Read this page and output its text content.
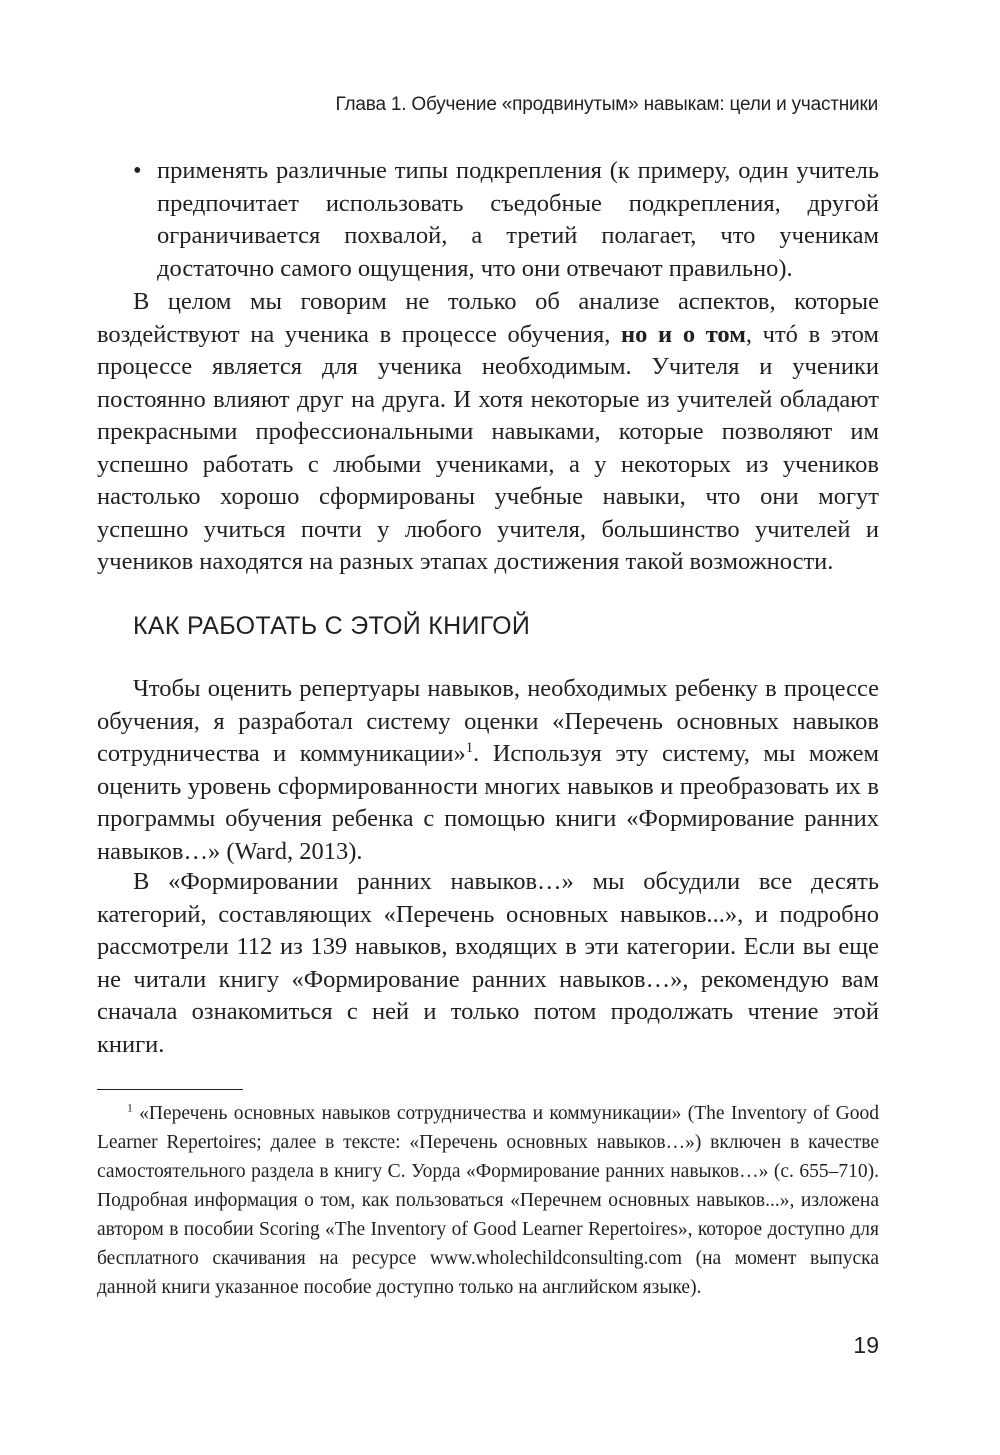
Глава 1. Обучение «продвинутым» навыкам: цели и участники
• применять различные типы подкрепления (к примеру, один учитель предпочитает использовать съедобные подкрепления, другой ограничивается похвалой, а третий полагает, что ученикам достаточно самого ощущения, что они отвечают правильно).

В целом мы говорим не только об анализе аспектов, которые воздействуют на ученика в процессе обучения, но и о том, чтó в этом процессе является для ученика необходимым. Учителя и ученики постоянно влияют друг на друга. И хотя некоторые из учителей обладают прекрасными профессиональными навыками, которые позволяют им успешно работать с любыми учениками, а у некоторых из учеников настолько хорошо сформированы учебные навыки, что они могут успешно учиться почти у любого учителя, большинство учителей и учеников находятся на разных этапах достижения такой возможности.

КАК РАБОТАТЬ С ЭТОЙ КНИГОЙ

Чтобы оценить репертуары навыков, необходимых ребенку в процессе обучения, я разработал систему оценки «Перечень основных навыков сотрудничества и коммуникации»$^1$. Используя эту систему, мы можем оценить уровень сформированности многих навыков и преобразовать их в программы обучения ребенка с помощью книги «Формирование ранних навыков…» (Ward, 2013).

В «Формировании ранних навыков…» мы обсудили все десять категорий, составляющих «Перечень основных навыков...», и подробно рассмотрели 112 из 139 навыков, входящих в эти категории. Если вы еще не читали книгу «Формирование ранних навыков…», рекомендую вам сначала ознакомиться с ней и только потом продолжать чтение этой книги.

$^1$ «Перечень основных навыков сотрудничества и коммуникации» (The Inventory of Good Learner Repertoires; далее в тексте: «Перечень основных навыков…») включен в качестве самостоятельного раздела в книгу С. Уорда «Формирование ранних навыков…» (с. 655–710). Подробная информация о том, как пользоваться «Перечнем основных навыков...», изложена автором в пособии Scoring «The Inventory of Good Learner Repertoires», которое доступно для бесплатного скачивания на ресурсе www.wholechildconsulting.com (на момент выпуска данной книги указанное пособие доступно только на английском языке).
19
